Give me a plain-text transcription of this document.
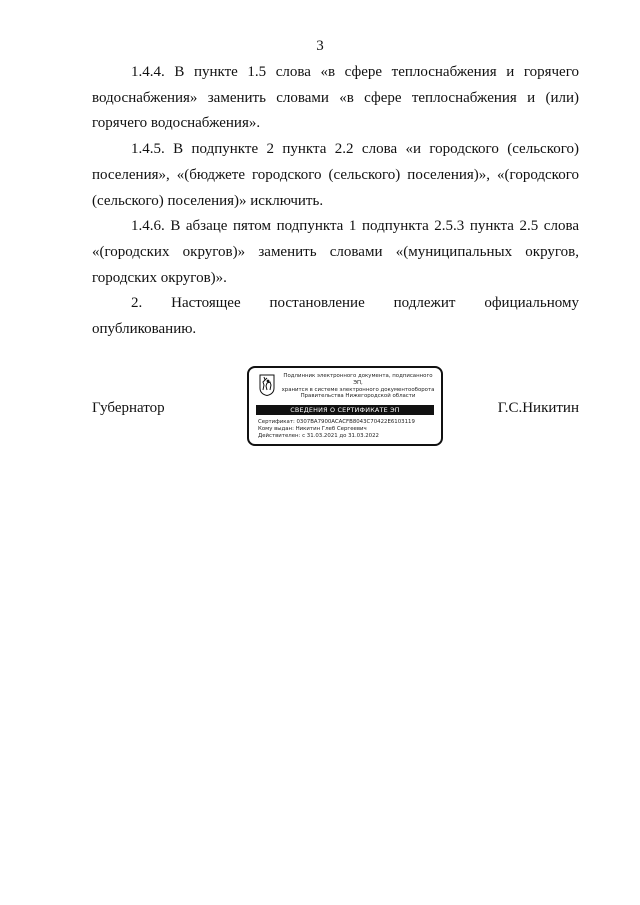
3

1.4.4. В пункте 1.5 слова «в сфере теплоснабжения и горячего водоснабжения» заменить словами «в сфере теплоснабжения и (или) горячего водоснабжения».

1.4.5. В подпункте 2 пункта 2.2 слова «и городского (сельского) поселения», «(бюджете городского (сельского) поселения)», «(городского (сельского) поселения)» исключить.

1.4.6. В абзаце пятом подпункта 1 подпункта 2.5.3 пункта 2.5 слова «(городских округов)» заменить словами «(муниципальных округов, городских округов)».

2. Настоящее постановление подлежит официальному опубликованию.

Губернатор	Г.С.Никитин
Подлинник электронного документа, подписанного ЭП,
хранится в системе электронного документооборота
Правительства Нижегородской области
СВЕДЕНИЯ О СЕРТИФИКАТЕ ЭП
Сертификат: 0307BA7900ACACFB8043C70422E6103119
Кому выдан: Никитин Глеб Сергеевич
Действителен: с 31.03.2021 до 31.03.2022
